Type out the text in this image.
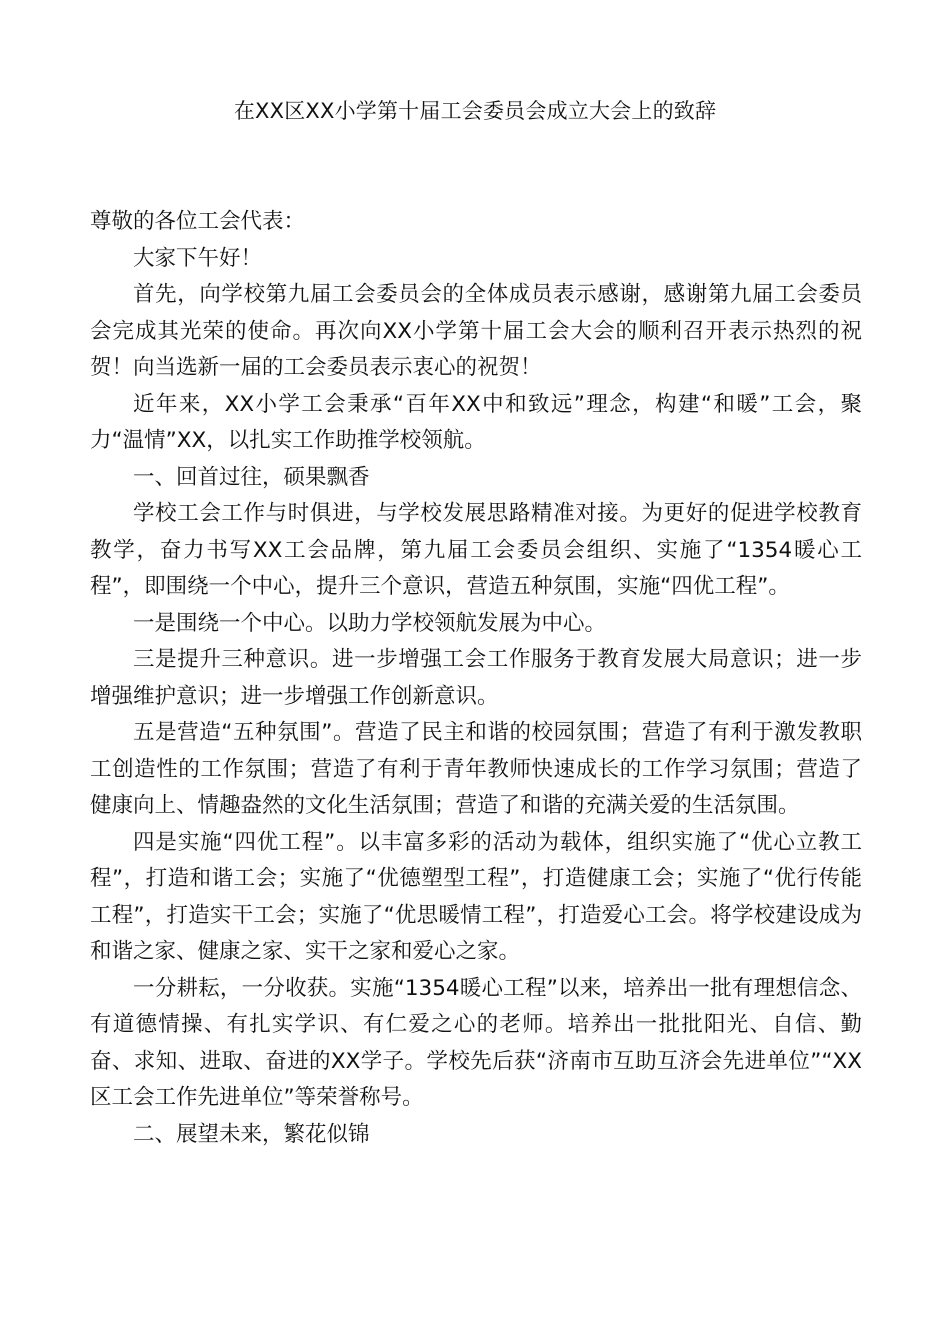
在XX区XX小学第十届工会委员会成立大会上的致辞

尊敬的各位工会代表：

大家下午好！

首先，向学校第九届工会委员会的全体成员表示感谢，感谢第九届工会委员会完成其光荣的使命。再次向XX小学第十届工会大会的顺利召开表示热烈的祝贺！向当选新一届的工会委员表示衷心的祝贺！

近年来，XX小学工会秉承“百年XX中和致远”理念，构建“和暖”工会，聚力“温情”XX，以扎实工作助推学校领航。

一、回首过往，硕果飘香

学校工会工作与时俱进，与学校发展思路精准对接。为更好的促进学校教育教学，奋力书写XX工会品牌，第九届工会委员会组织、实施了“1354暖心工程”，即围绕一个中心，提升三个意识，营造五种氛围，实施“四优工程”。

一是围绕一个中心。以助力学校领航发展为中心。

三是提升三种意识。进一步增强工会工作服务于教育发展大局意识；进一步增强维护意识；进一步增强工作创新意识。

五是营造“五种氛围”。营造了民主和谐的校园氛围；营造了有利于激发教职工创造性的工作氛围；营造了有利于青年教师快速成长的工作学习氛围；营造了健康向上、情趣盎然的文化生活氛围；营造了和谐的充满关爱的生活氛围。

四是实施“四优工程”。以丰富多彩的活动为载体，组织实施了“优心立教工程”，打造和谐工会；实施了“优德塑型工程”，打造健康工会；实施了“优行传能工程”，打造实干工会；实施了“优思暖情工程”，打造爱心工会。将学校建设成为和谐之家、健康之家、实干之家和爱心之家。

一分耕耘，一分收获。实施“1354暖心工程”以来，培养出一批有理想信念、有道德情操、有扎实学识、有仁爱之心的老师。培养出一批批阳光、自信、勤奋、求知、进取、奋进的XX学子。学校先后获“济南市互助互济会先进单位”“XX区工会工作先进单位”等荣誉称号。

二、展望未来，繁花似锦
